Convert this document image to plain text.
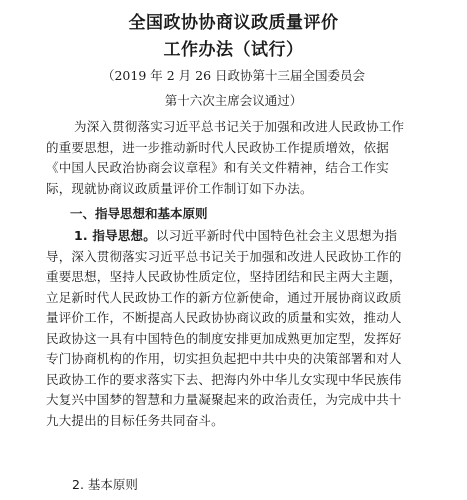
全国政协协商议政质量评价
工作办法（试行）
（2019 年 2 月 26 日政协第十三届全国委员会
第十六次主席会议通过）
为深入贯彻落实习近平总书记关于加强和改进人民政协工作
的重要思想，进一步推动新时代人民政协工作提质增效，依据
《中国人民政治协商会议章程》和有关文件精神，结合工作实
际，现就协商议政质量评价工作制订如下办法。
一、指导思想和基本原则
1. 指导思想。以习近平新时代中国特色社会主义思想为指
导，深入贯彻落实习近平总书记关于加强和改进人民政协工作的
重要思想，坚持人民政协性质定位，坚持团结和民主两大主题，
立足新时代人民政协工作的新方位新使命，通过开展协商议政质
量评价工作，不断提高人民政协协商议政的质量和实效，推动人
民政协这一具有中国特色的制度安排更加成熟更加定型，发挥好
专门协商机构的作用，切实担负起把中共中央的决策部署和对人
民政协工作的要求落实下去、把海内外中华儿女实现中华民族伟
大复兴中国梦的智慧和力量凝聚起来的政治责任，为完成中共十
九大提出的目标任务共同奋斗。
2. 基本原则
